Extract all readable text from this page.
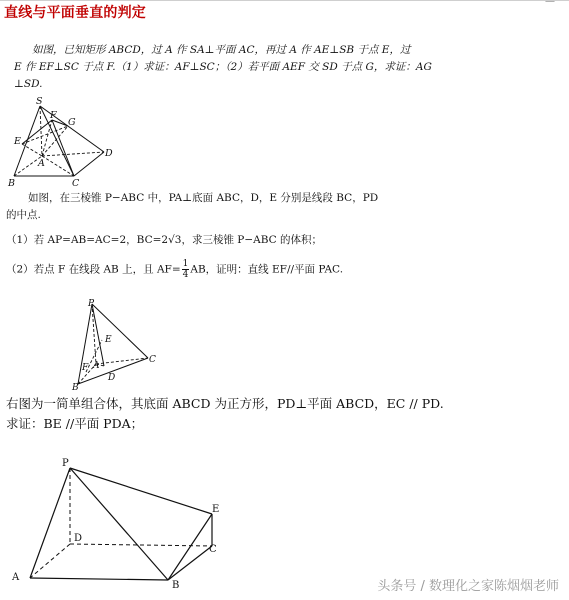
—
直线与平面垂直的判定
如图，已知矩形 ABCD，过 A 作 SA⊥平面 AC，再过 A 作 AE⊥SB 于点 E，过
E 作 EF⊥SC 于点 F.（1）求证：AF⊥SC；（2）若平面 AEF 交 SD 于点 G，求证：AG
⊥SD.
S
F
G
E
A
D
B	C
如图，在三棱锥 P−ABC 中，PA⊥底面 ABC，D，E 分别是线段 BC，PD
的中点.
（1）若 AP=AB=AC=2，BC=2√3，求三棱锥 P−ABC 的体积；
（2）若点 F 在线段 AB 上，且 $AF= \frac{1}{4}$ AB，证明：直线 EF//平面 PAC.
P
E
C
F A
D
B
右图为一简单组合体，其底面 ABCD 为正方形，PD⊥平面 ABCD，EC // PD.
求证：BE //平面 PDA；
P
E
D
C
A
B	头条号 / 数理化之家陈烟烟老师
